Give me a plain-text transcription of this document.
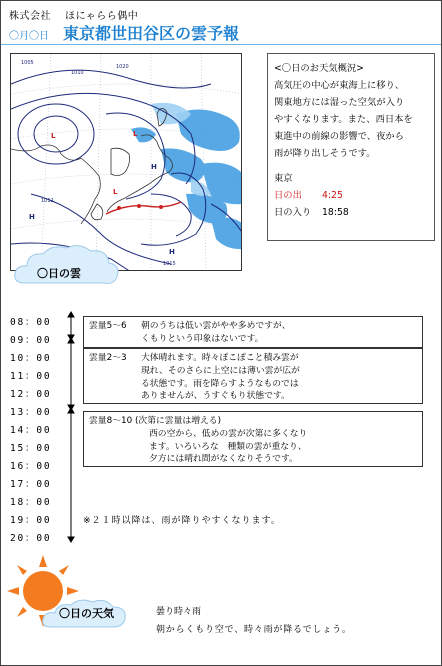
株式会社 ほにゃらら偶中
〇月〇日 東京都世田谷区の雲予報
1005
1010
1020
1012
1015
L	L
L
H
H
H
<〇日のお天気概況>
高気圧の中心が東海上に移り、
関東地方には湿った空気が入り
やすくなります。また、西日本を
東進中の前線の影響で、夜から
雨が降り出しそうです。
東京
日の出	4:25
日の入り	18:58
〇日の雲
08：00
09：00
10：00
11：00
12：00
13：00
14：00
15：00
16：00
17：00
18：00
19：00
20：00
雲量5～6 朝のうちは低い雲がやや多めですが、
くもりという印象はないです。
雲量2～3 大体晴れます。時々ぽこぽこと積み雲が
現れ、そのさらに上空には薄い雲が広が
る状態です。雨を降らすようなものでは
ありませんが、うすぐもり状態です。
雲量8～10 (次第に雲量は増える)
西の空から、低めの雲が次第に多くなり
ます。いろいろな　種類の雲が重なり、
夕方には晴れ間がなくなりそうです。
※２１時以降は、雨が降りやすくなります。
〇日の天気	曇り時々雨
朝からくもり空で、時々雨が降るでしょう。
